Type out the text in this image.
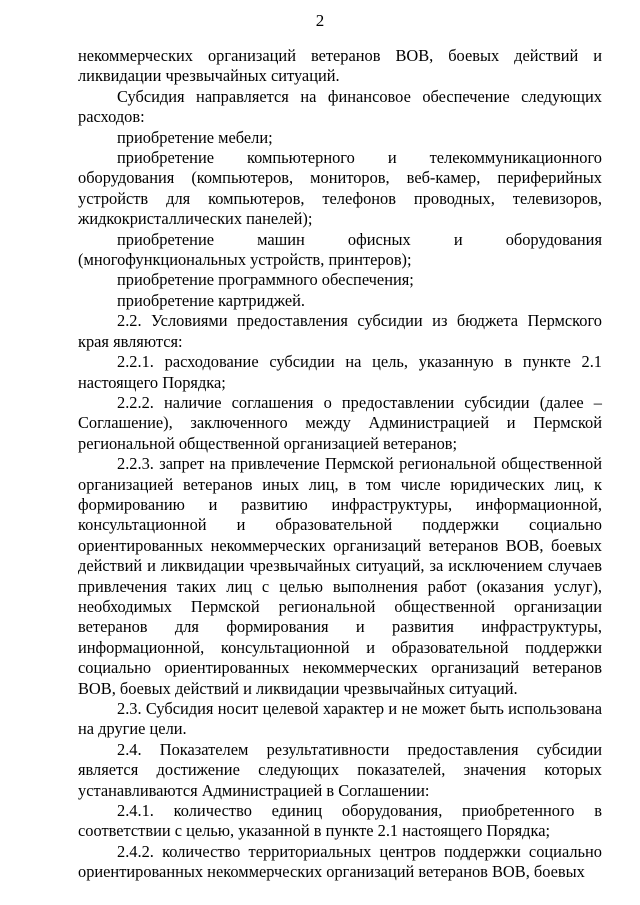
2

некоммерческих организаций ветеранов ВОВ, боевых действий и ликвидации чрезвычайных ситуаций.

Субсидия направляется на финансовое обеспечение следующих расходов:

приобретение мебели;

приобретение компьютерного и телекоммуникационного оборудования (компьютеров, мониторов, веб-камер, периферийных устройств для компьютеров, телефонов проводных, телевизоров, жидкокристаллических панелей);

приобретение машин офисных и оборудования (многофункциональных устройств, принтеров);

приобретение программного обеспечения;

приобретение картриджей.

2.2. Условиями предоставления субсидии из бюджета Пермского края являются:

2.2.1. расходование субсидии на цель, указанную в пункте 2.1 настоящего Порядка;

2.2.2. наличие соглашения о предоставлении субсидии (далее – Соглашение), заключенного между Администрацией и Пермской региональной общественной организацией ветеранов;

2.2.3. запрет на привлечение Пермской региональной общественной организацией ветеранов иных лиц, в том числе юридических лиц, к формированию и развитию инфраструктуры, информационной, консультационной и образовательной поддержки социально ориентированных некоммерческих организаций ветеранов ВОВ, боевых действий и ликвидации чрезвычайных ситуаций, за исключением случаев привлечения таких лиц с целью выполнения работ (оказания услуг), необходимых Пермской региональной общественной организации ветеранов для формирования и развития инфраструктуры, информационной, консультационной и образовательной поддержки социально ориентированных некоммерческих организаций ветеранов ВОВ, боевых действий и ликвидации чрезвычайных ситуаций.

2.3. Субсидия носит целевой характер и не может быть использована на другие цели.

2.4. Показателем результативности предоставления субсидии является достижение следующих показателей, значения которых устанавливаются Администрацией в Соглашении:

2.4.1. количество единиц оборудования, приобретенного в соответствии с целью, указанной в пункте 2.1 настоящего Порядка;

2.4.2. количество территориальных центров поддержки социально ориентированных некоммерческих организаций ветеранов ВОВ, боевых
